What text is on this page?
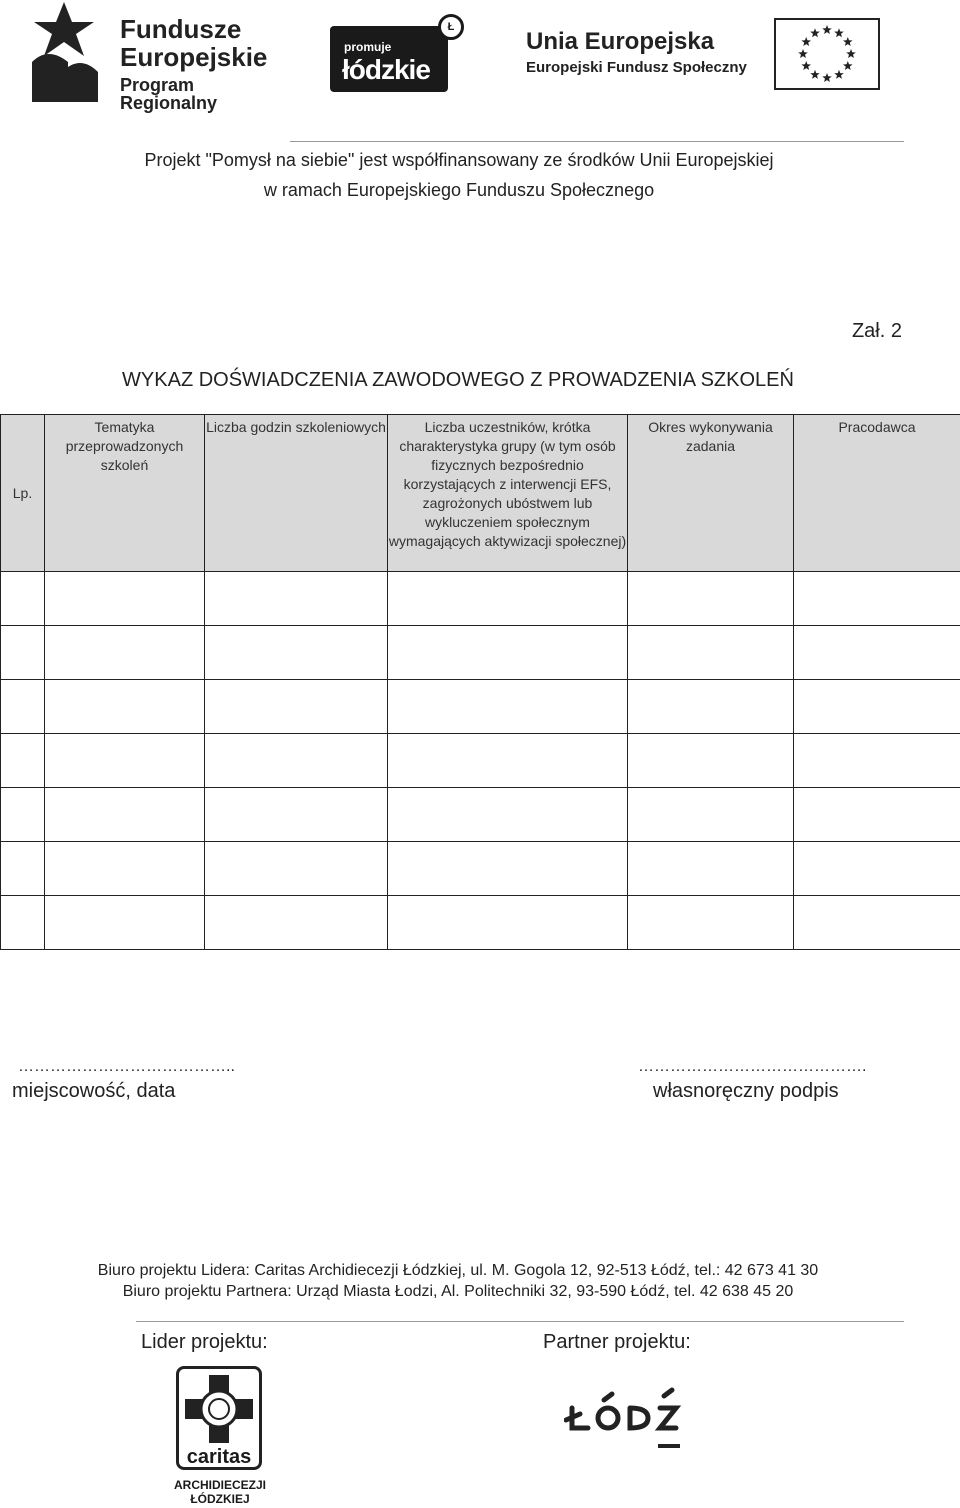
Fundusze
Europejskie
Program Regionalny
promuje
łódzkie
Ł
Unia Europejska
Europejski Fundusz Społeczny
Projekt "Pomysł na siebie" jest współfinansowany ze środków Unii Europejskiej
w ramach Europejskiego Funduszu Społecznego
Zał. 2
WYKAZ DOŚWIADCZENIA ZAWODOWEGO Z PROWADZENIA SZKOLEŃ
Lp.	Tematyka przeprowadzonych szkoleń	Liczba godzin szkoleniowych	Liczba uczestników, krótka charakterystyka grupy (w tym osób fizycznych bezpośrednio korzystających z interwencji EFS, zagrożonych ubóstwem lub wykluczeniem społecznym wymagających aktywizacji społecznej)	Okres wykonywania zadania	Pracodawca

…………………………………..
miejscowość, data
…………………………………….
własnoręczny podpis
Biuro projektu Lidera: Caritas Archidiecezji Łódzkiej, ul. M. Gogola 12, 92-513 Łódź, tel.: 42 673 41 30
Biuro projektu Partnera: Urząd Miasta Łodzi, Al. Politechniki 32, 93-590 Łódź, tel. 42 638 45 20
Lider projektu:	Partner projektu:
caritas
ARCHIDIECEZJI
ŁÓDZKIEJ
